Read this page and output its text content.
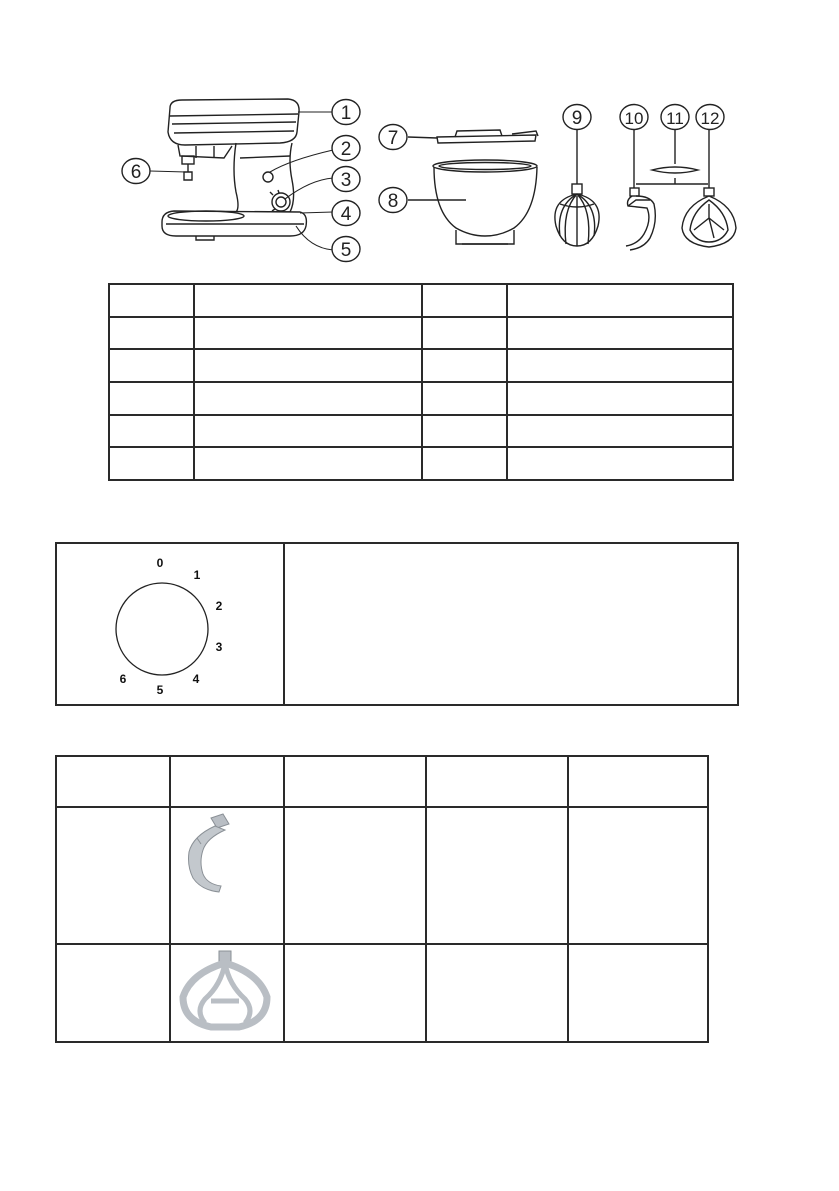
1
2
3
4
5
6
7
8
9 10 11 12

0
1
2
3
4
5
6
